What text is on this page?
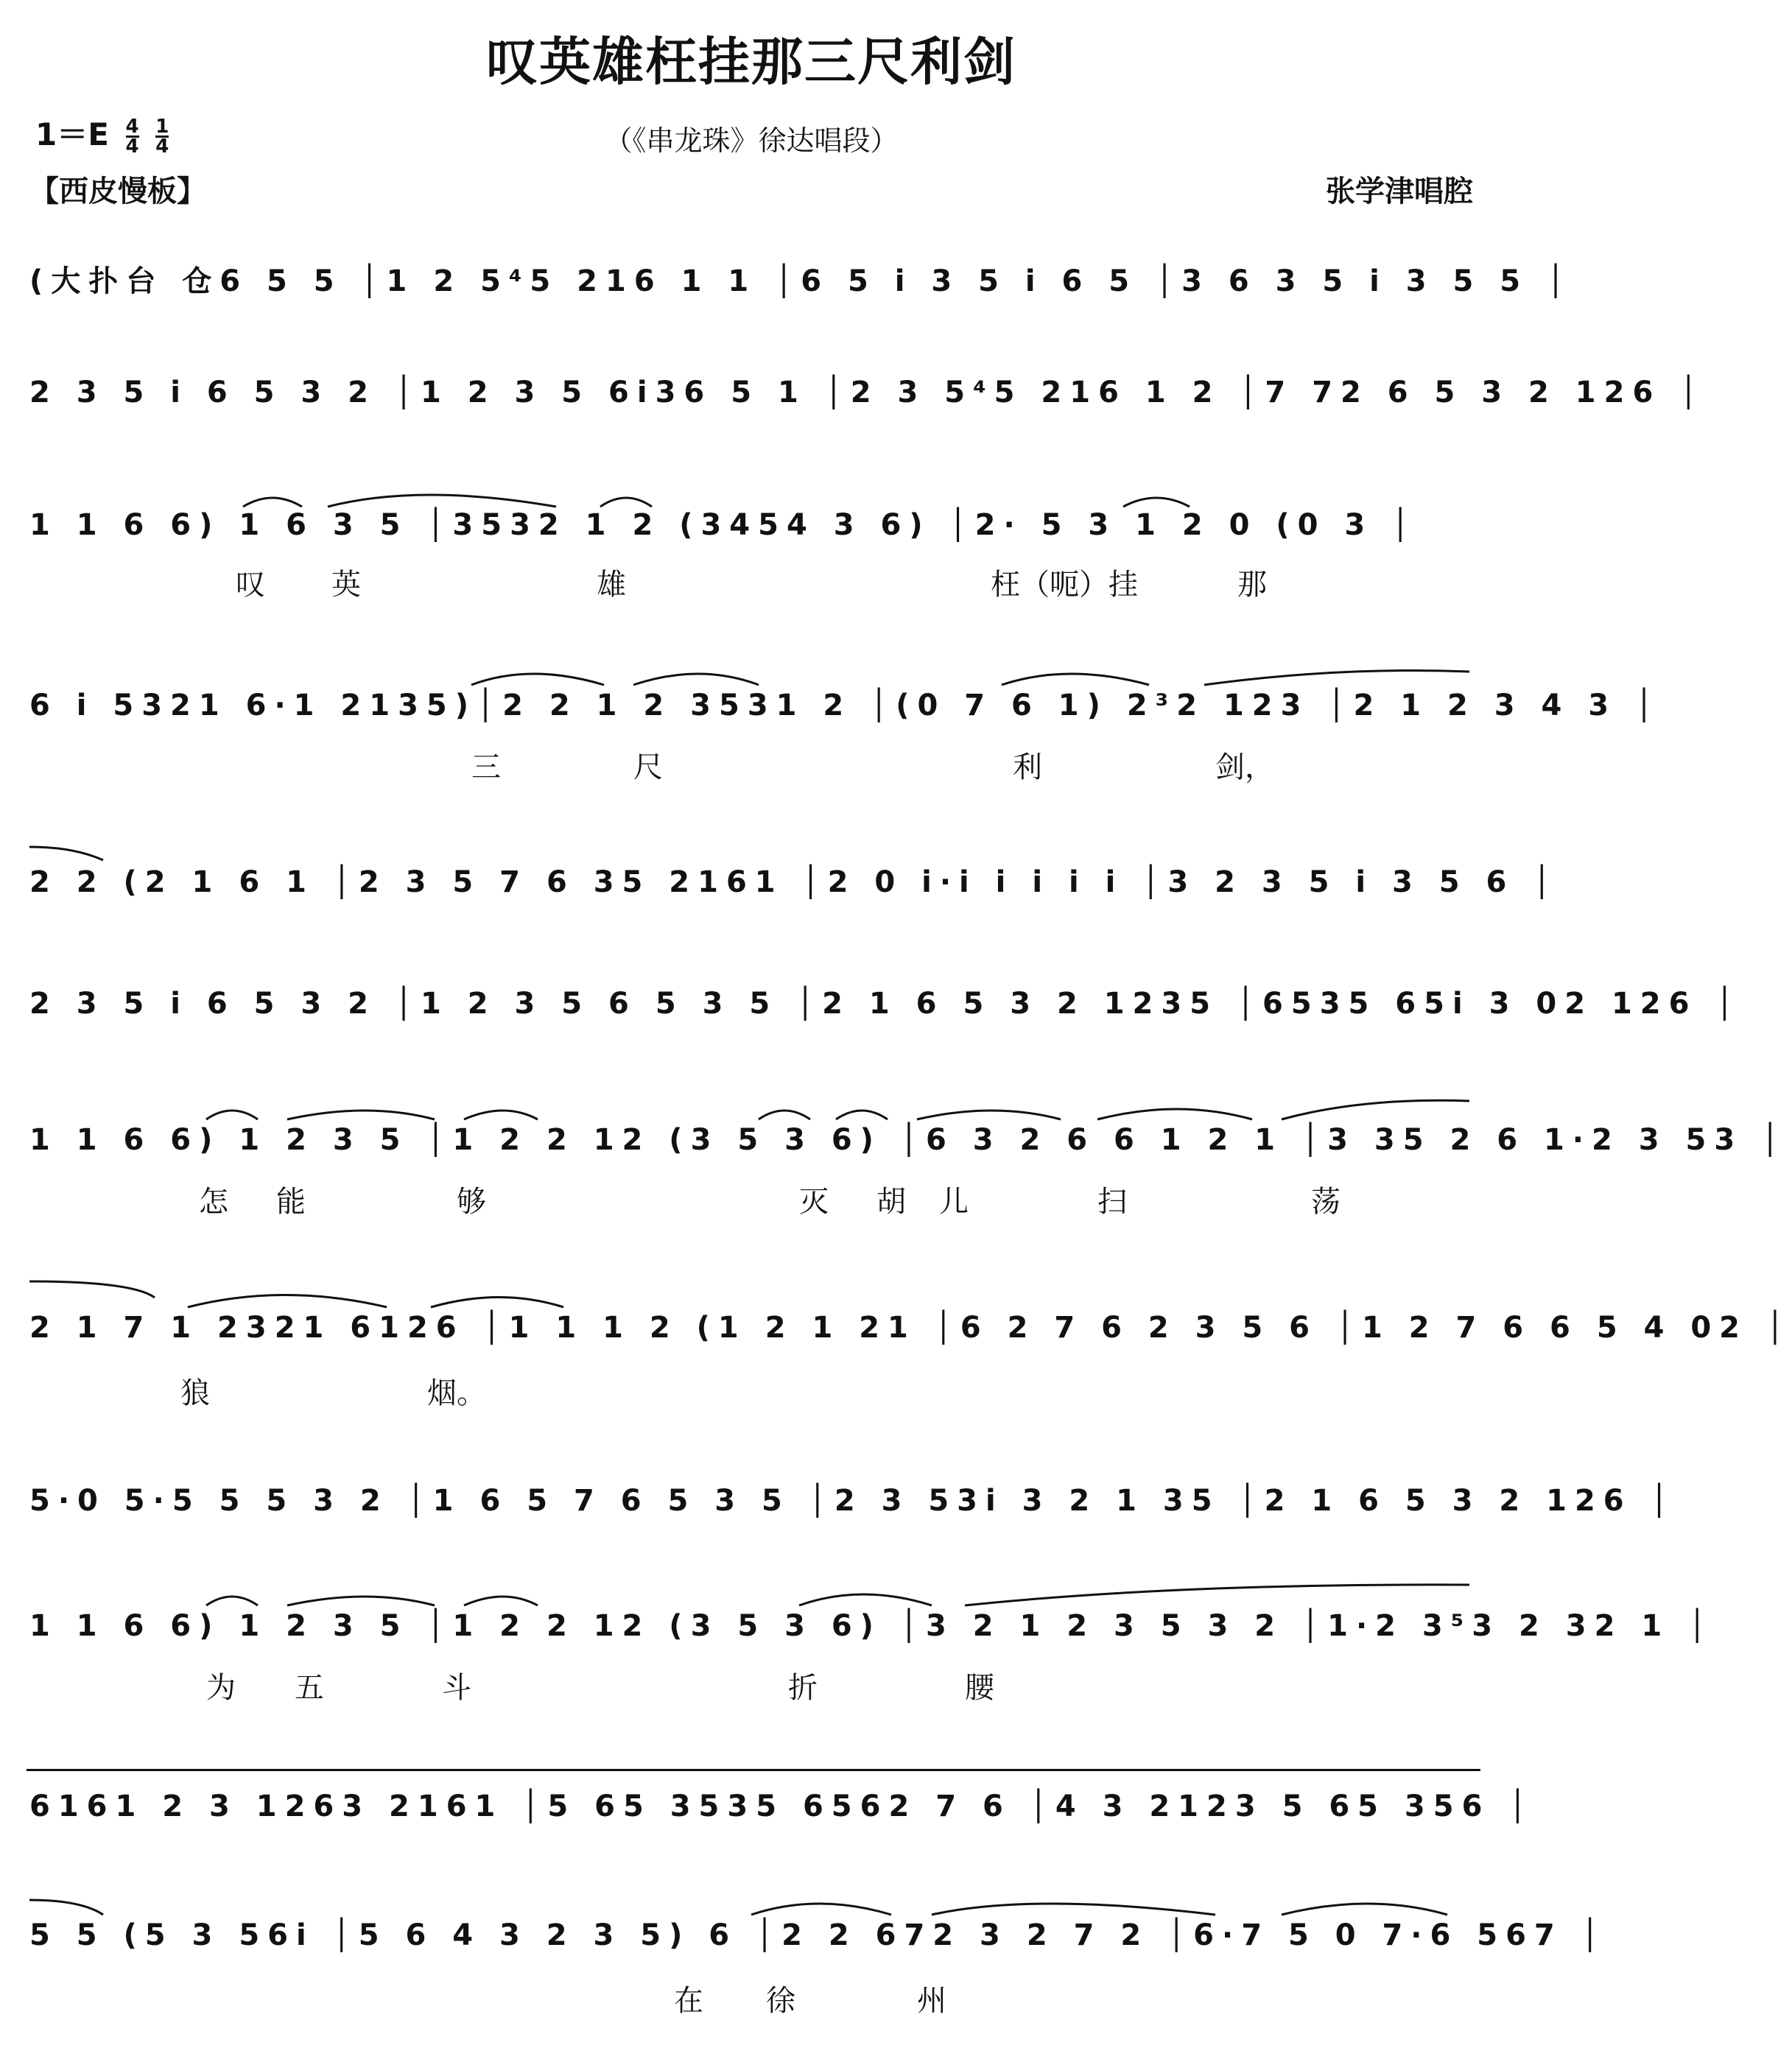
叹英雄枉挂那三尺利剑
$1=E \frac{4}{4}$
$\frac{1}{4}$	（《串龙珠》徐达唱段）
【西皮慢板】	张学津唱腔
(大扑台 仓6 5 5 │1 2 5⁴5 216 1 1 │6 5 i 3 5 i 6 5 │3 6 3 5 i 3 5 5 │
2 3 5 i 6 5 3 2 │1 2 3 5 6i36 5 1 │2 3 5⁴5 216 1 2 │7 72 6 5 3 2 126 │
1 1 6 6) 1 6 3 5 │3532 1 2 (3454 3 6) │2· 5 3 1 2 0 (0 3 │
6 i 5321 6·1 2135)│2 2 1 2 3531 2 │(0 7 6 1) 2³2 123 │2 1 2 3 4 3 │
2 2 (2 1 6 1 │2 3 5 7 6 35 2161 │2 0 i·i i i i i │3 2 3 5 i 3 5 6 │
2 3 5 i 6 5 3 2 │1 2 3 5 6 5 3 5 │2 1 6 5 3 2 1235 │6535 65i 3 02 126 │
1 1 6 6) 1 2 3 5 │1 2 2 12 (3 5 3 6) │6 3 2 6 6 1 2 1 │3 35 2 6 1·2 3 53 │
2 1 7 1 2321 6126 │1 1 1 2 (1 2 1 21 │6 2 7 6 2 3 5 6 │1 2 7 6 6 5 4 02 │
5·0 5·5 5 5 3 2 │1 6 5 7 6 5 3 5 │2 3 53i 3 2 1 35 │2 1 6 5 3 2 126 │
1 1 6 6) 1 2 3 5 │1 2 2 12 (3 5 3 6) │3 2 1 2 3 5 3 2 │1·2 3⁵3 2 32 1 │
6161 2 3 1263 2161 │5 65 3535 6562 7 6 │4 3 2123 5 65 356 │
5 5 (5 3 56i │5 6 4 3 2 3 5) 6 │2 2 672 3 2 7 2 │6·7 5 0 7·6 567 │
叹 英	雄	枉（呃）挂	那
三	尺	利	剑，
怎 能	够	灭 胡 儿	扫	荡
狼	烟。
为 五	斗	折	腰
在 徐	州
